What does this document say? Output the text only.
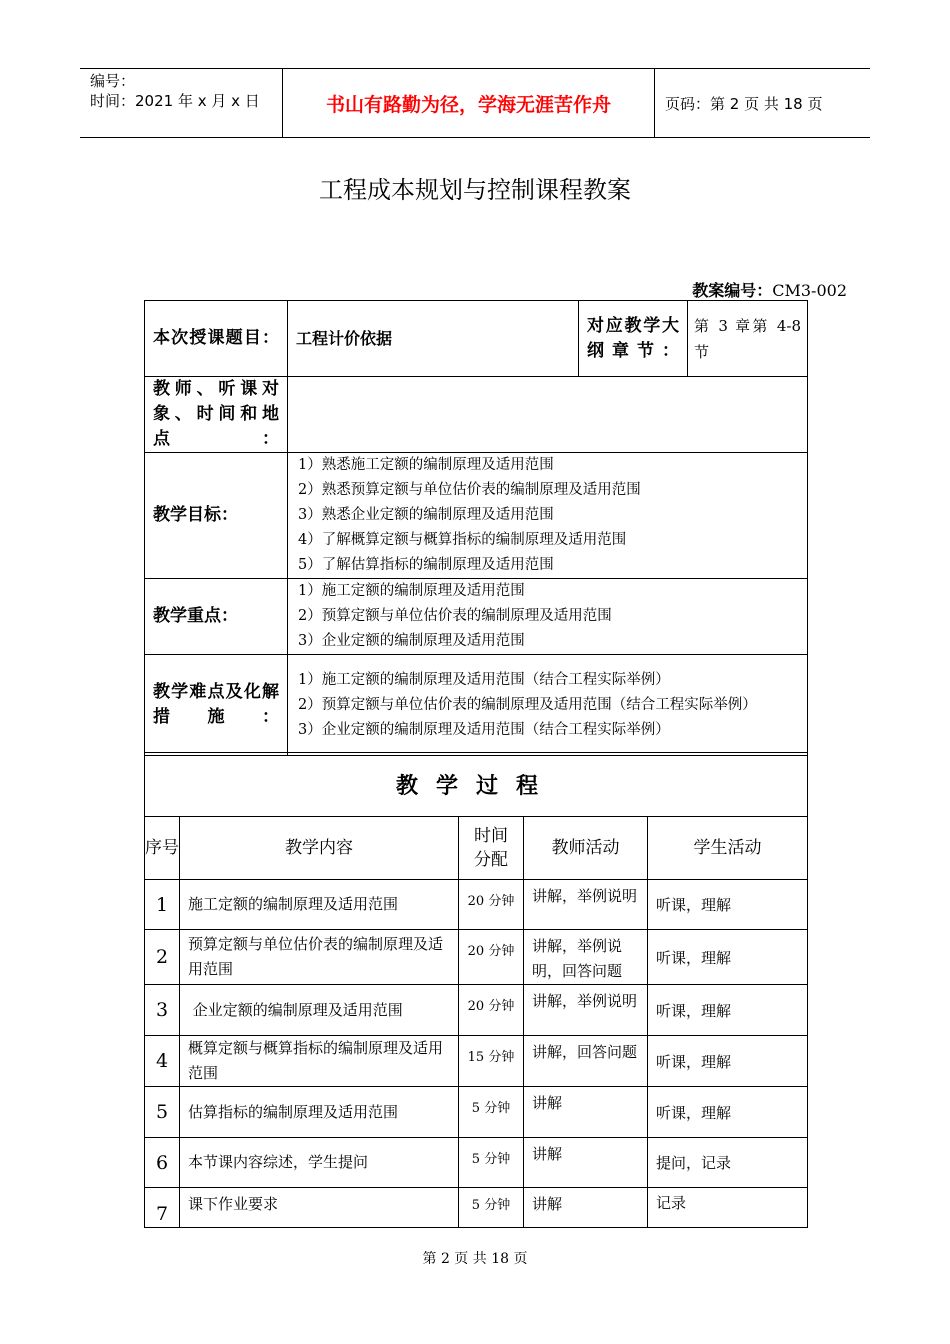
编号：
时间：2021 年 x 月 x 日	书山有路勤为径，学海无涯苦作舟	页码：第 2 页 共 18 页
工程成本规划与控制课程教案
教案编号：CM3-002
本次授课题目：	工程计价依据	对应教学大纲章节：	第 3 章第 4-8 节

教师、听课对象、时间和地点：			

教学目标：	1）熟悉施工定额的编制原理及适用范围
2）熟悉预算定额与单位估价表的编制原理及适用范围
3）熟悉企业定额的编制原理及适用范围
4）了解概算定额与概算指标的编制原理及适用范围
5）了解估算指标的编制原理及适用范围		

教学重点：	1）施工定额的编制原理及适用范围
2）预算定额与单位估价表的编制原理及适用范围
3）企业定额的编制原理及适用范围		

教学难点及化解措施：	1）施工定额的编制原理及适用范围（结合工程实际举例）
2）预算定额与单位估价表的编制原理及适用范围（结合工程实际举例）
3）企业定额的编制原理及适用范围（结合工程实际举例）		
教学过程				
序号	教学内容	时间分配	教师活动	学生活动
1	施工定额的编制原理及适用范围	20 分钟	讲解，举例说明	听课，理解
2	预算定额与单位估价表的编制原理及适用范围	20 分钟	讲解，举例说明，回答问题	听课，理解
3	企业定额的编制原理及适用范围	20 分钟	讲解，举例说明	听课，理解
4	概算定额与概算指标的编制原理及适用范围	15 分钟	讲解，回答问题	听课，理解
5	估算指标的编制原理及适用范围	5 分钟	讲解	听课，理解
6	本节课内容综述，学生提问	5 分钟	讲解	提问，记录
7	课下作业要求	5 分钟	讲解	记录
第 2 页 共 18 页
